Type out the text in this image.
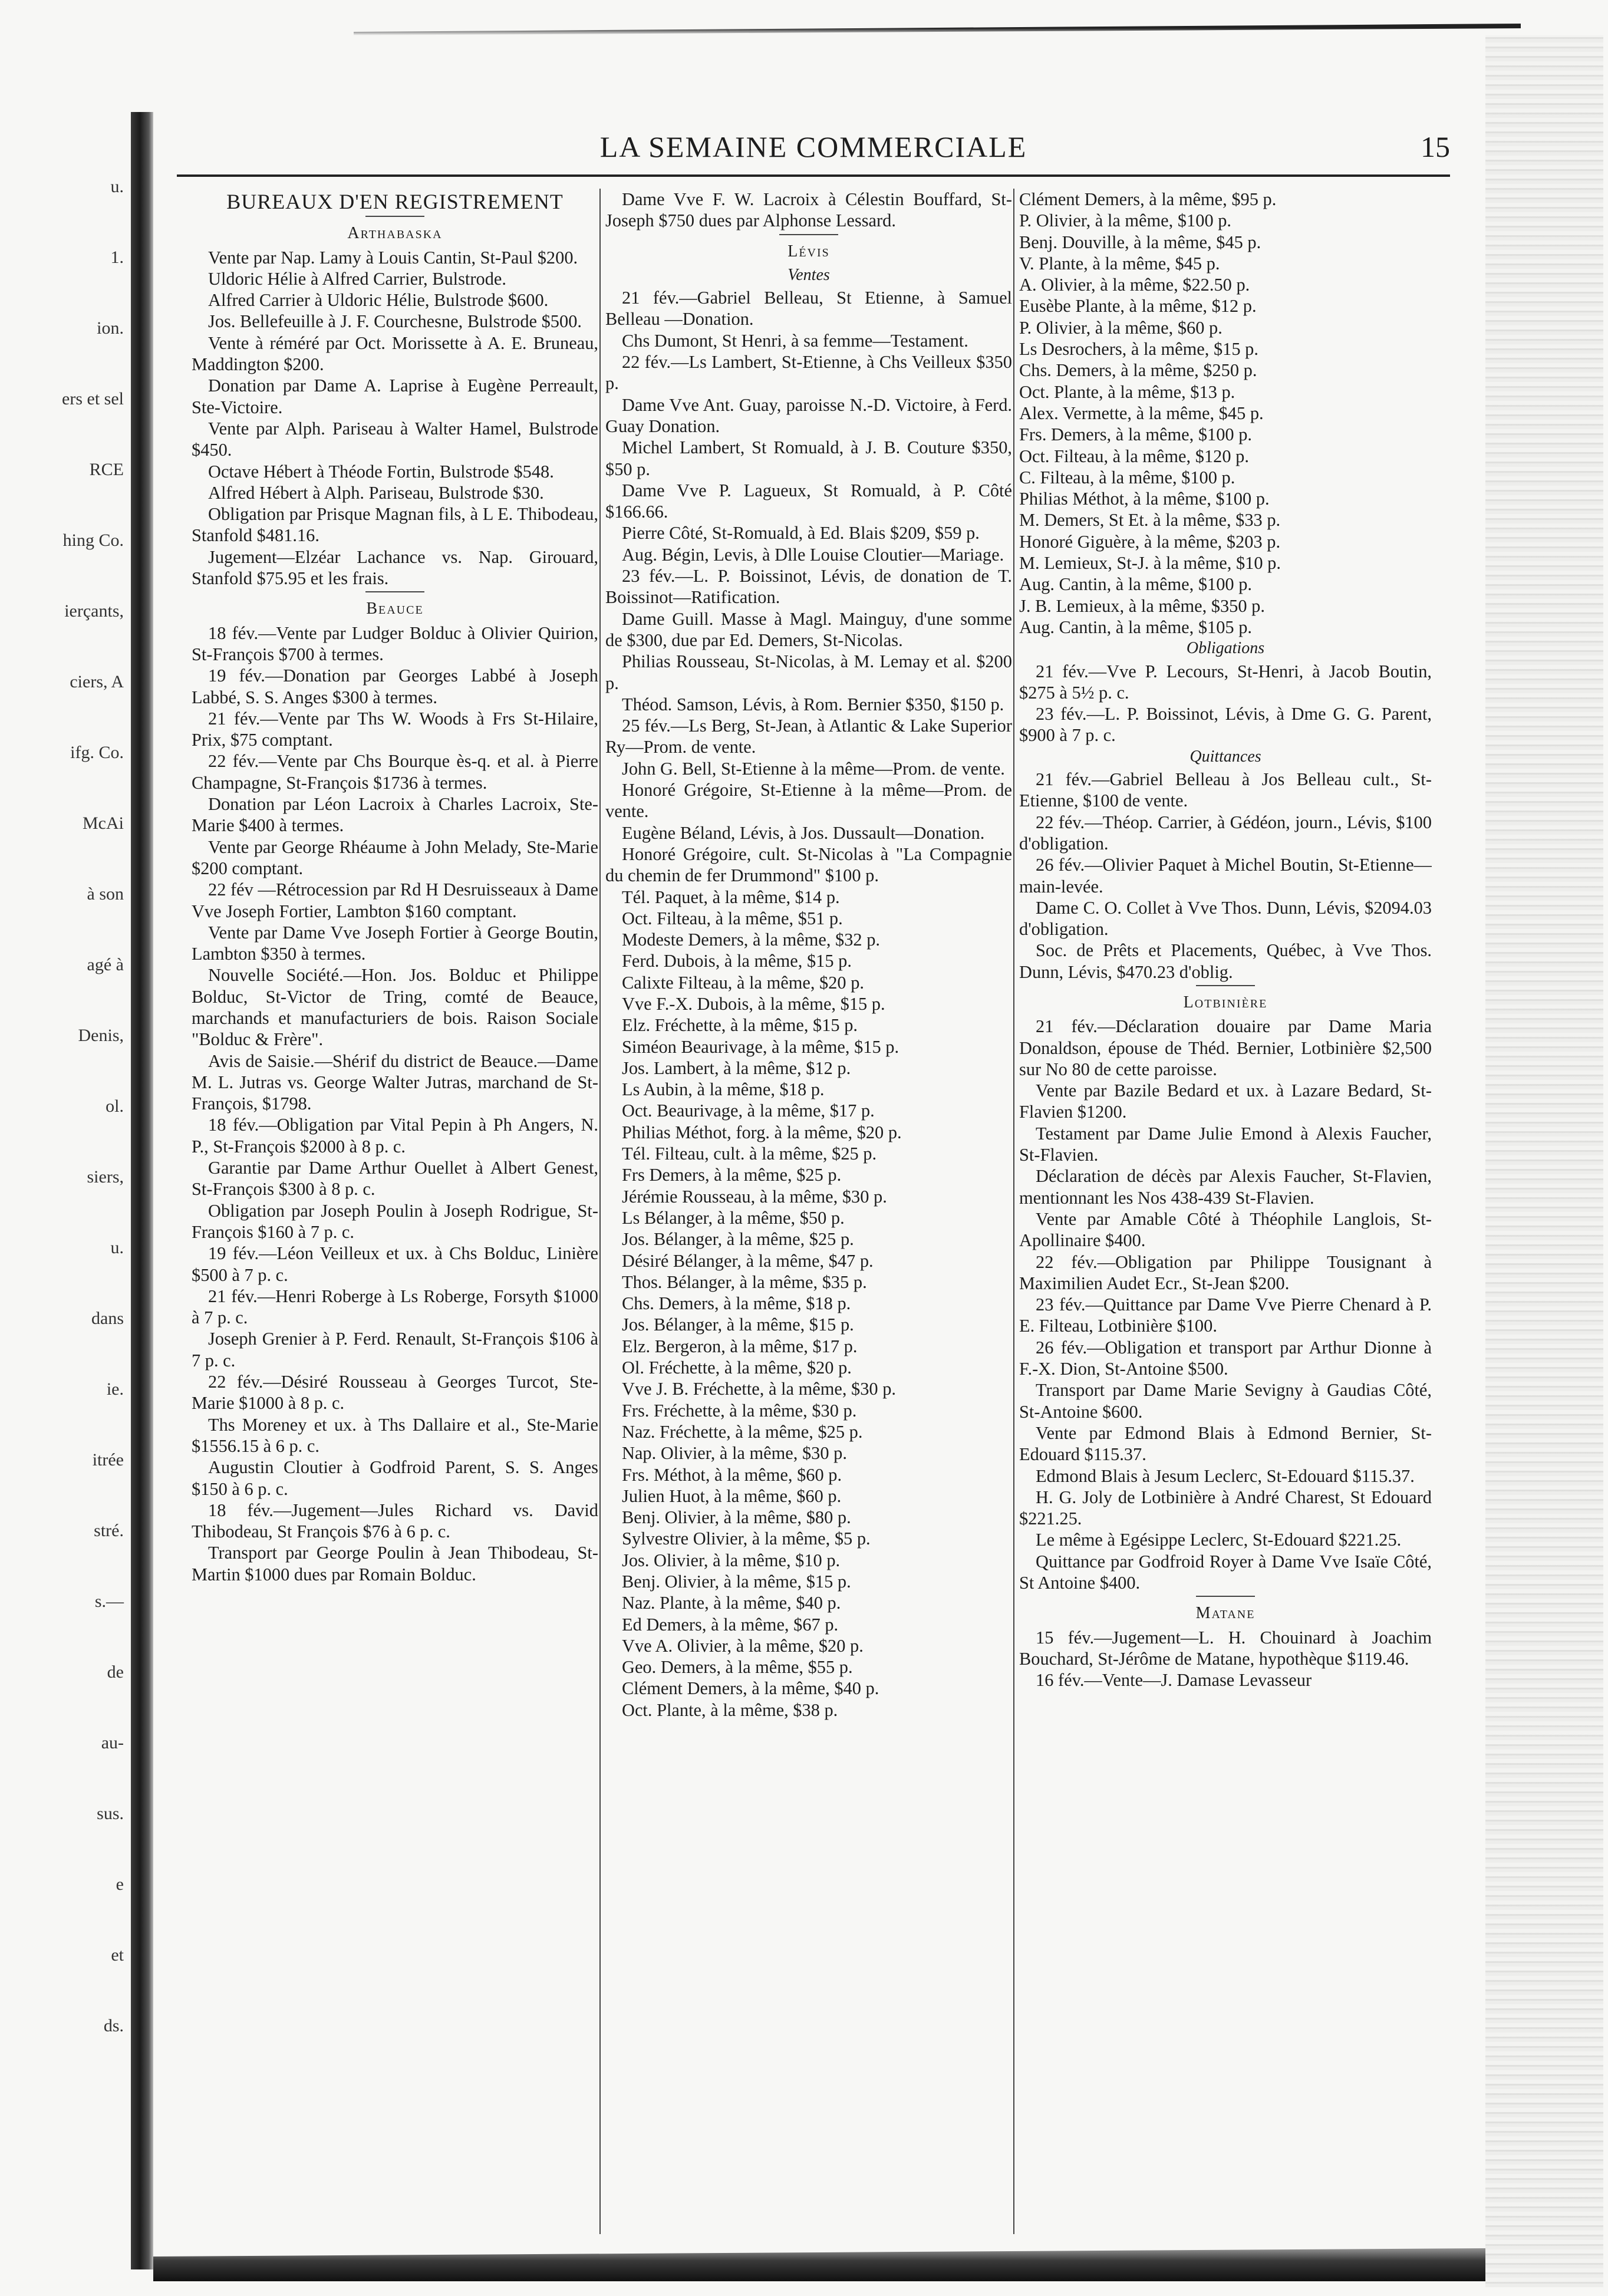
u.
1.
ion.
ers et sel
RCE
hing Co.
ierçants,
ciers, A
ifg. Co.
McAi
à son
agé à
Denis,
ol.
siers,
u.
dans
ie.
itrée
stré.
s.—
de
au-
sus.
e
et
ds.
LA SEMAINE COMMERCIALE	15
BUREAUX D'EN REGISTREMENT
Arthabaska

Vente par Nap. Lamy à Louis Cantin, St-Paul $200.

Uldoric Hélie à Alfred Carrier, Bulstrode.

Alfred Carrier à Uldoric Hélie, Bulstrode $600.

Jos. Bellefeuille à J. F. Courchesne, Bulstrode $500.

Vente à réméré par Oct. Morissette à A. E. Bruneau, Maddington $200.

Donation par Dame A. Laprise à Eugène Perreault, Ste-Victoire.

Vente par Alph. Pariseau à Walter Hamel, Bulstrode $450.

Octave Hébert à Théode Fortin, Bulstrode $548.

Alfred Hébert à Alph. Pariseau, Bulstrode $30.

Obligation par Prisque Magnan fils, à L E. Thibodeau, Stanfold $481.16.

Jugement—Elzéar Lachance vs. Nap. Girouard, Stanfold $75.95 et les frais.

Beauce

18 fév.—Vente par Ludger Bolduc à Olivier Quirion, St-François $700 à termes.

19 fév.—Donation par Georges Labbé à Joseph Labbé, S. S. Anges $300 à termes.

21 fév.—Vente par Ths W. Woods à Frs St-Hilaire, Prix, $75 comptant.

22 fév.—Vente par Chs Bourque ès-q. et al. à Pierre Champagne, St-François $1736 à termes.

Donation par Léon Lacroix à Charles Lacroix, Ste-Marie $400 à termes.

Vente par George Rhéaume à John Melady, Ste-Marie $200 comptant.

22 fév —Rétrocession par Rd H Desruisseaux à Dame Vve Joseph Fortier, Lambton $160 comptant.

Vente par Dame Vve Joseph Fortier à George Boutin, Lambton $350 à termes.

Nouvelle Société.—Hon. Jos. Bolduc et Philippe Bolduc, St-Victor de Tring, comté de Beauce, marchands et manufacturiers de bois. Raison Sociale "Bolduc & Frère".

Avis de Saisie.—Shérif du district de Beauce.—Dame M. L. Jutras vs. George Walter Jutras, marchand de St-François, $1798.

18 fév.—Obligation par Vital Pepin à Ph Angers, N. P., St-François $2000 à 8 p. c.

Garantie par Dame Arthur Ouellet à Albert Genest, St-François $300 à 8 p. c.

Obligation par Joseph Poulin à Joseph Rodrigue, St-François $160 à 7 p. c.

19 fév.—Léon Veilleux et ux. à Chs Bolduc, Linière $500 à 7 p. c.

21 fév.—Henri Roberge à Ls Roberge, Forsyth $1000 à 7 p. c.

Joseph Grenier à P. Ferd. Renault, St-François $106 à 7 p. c.

22 fév.—Désiré Rousseau à Georges Turcot, Ste-Marie $1000 à 8 p. c.

Ths Moreney et ux. à Ths Dallaire et al., Ste-Marie $1556.15 à 6 p. c.

Augustin Cloutier à Godfroid Parent, S. S. Anges $150 à 6 p. c.

18 fév.—Jugement—Jules Richard vs. David Thibodeau, St François $76 à 6 p. c.

Transport par George Poulin à Jean Thibodeau, St-Martin $1000 dues par Romain Bolduc.

Dame Vve F. W. Lacroix à Célestin Bouffard, St-Joseph $750 dues par Alphonse Lessard.

Lévis
Ventes

21 fév.—Gabriel Belleau, St Etienne, à Samuel Belleau —Donation.

Chs Dumont, St Henri, à sa femme—Testament.

22 fév.—Ls Lambert, St-Etienne, à Chs Veilleux $350 p.

Dame Vve Ant. Guay, paroisse N.-D. Victoire, à Ferd. Guay Donation.

Michel Lambert, St Romuald, à J. B. Couture $350, $50 p.

Dame Vve P. Lagueux, St Romuald, à P. Côté $166.66.

Pierre Côté, St-Romuald, à Ed. Blais $209, $59 p.

Aug. Bégin, Levis, à Dlle Louise Cloutier—Mariage.

23 fév.—L. P. Boissinot, Lévis, de donation de T. Boissinot—Ratification.

Dame Guill. Masse à Magl. Mainguy, d'une somme de $300, due par Ed. Demers, St-Nicolas.

Philias Rousseau, St-Nicolas, à M. Lemay et al. $200 p.

Théod. Samson, Lévis, à Rom. Bernier $350, $150 p.

25 fév.—Ls Berg, St-Jean, à Atlantic & Lake Superior Ry—Prom. de vente.

John G. Bell, St-Etienne à la même—Prom. de vente.

Honoré Grégoire, St-Etienne à la même—Prom. de vente.

Eugène Béland, Lévis, à Jos. Dussault—Donation.

Honoré Grégoire, cult. St-Nicolas à "La Compagnie du chemin de fer Drummond" $100 p.

Tél. Paquet, à la même, $14 p.

Oct. Filteau, à la même, $51 p.

Modeste Demers, à la même, $32 p.

Ferd. Dubois, à la même, $15 p.

Calixte Filteau, à la même, $20 p.

Vve F.-X. Dubois, à la même, $15 p.

Elz. Fréchette, à la même, $15 p.

Siméon Beaurivage, à la même, $15 p.

Jos. Lambert, à la même, $12 p.

Ls Aubin, à la même, $18 p.

Oct. Beaurivage, à la même, $17 p.

Philias Méthot, forg. à la même, $20 p.

Tél. Filteau, cult. à la même, $25 p.

Frs Demers, à la même, $25 p.

Jérémie Rousseau, à la même, $30 p.

Ls Bélanger, à la même, $50 p.

Jos. Bélanger, à la même, $25 p.

Désiré Bélanger, à la même, $47 p.

Thos. Bélanger, à la même, $35 p.

Chs. Demers, à la même, $18 p.

Jos. Bélanger, à la même, $15 p.

Elz. Bergeron, à la même, $17 p.

Ol. Fréchette, à la même, $20 p.

Vve J. B. Fréchette, à la même, $30 p.

Frs. Fréchette, à la même, $30 p.

Naz. Fréchette, à la même, $25 p.

Nap. Olivier, à la même, $30 p.

Frs. Méthot, à la même, $60 p.

Julien Huot, à la même, $60 p.

Benj. Olivier, à la même, $80 p.

Sylvestre Olivier, à la même, $5 p.

Jos. Olivier, à la même, $10 p.

Benj. Olivier, à la même, $15 p.

Naz. Plante, à la même, $40 p.

Ed Demers, à la même, $67 p.

Vve A. Olivier, à la même, $20 p.

Geo. Demers, à la même, $55 p.

Clément Demers, à la même, $40 p.

Oct. Plante, à la même, $38 p.

Clément Demers, à la même, $95 p.

P. Olivier, à la même, $100 p.

Benj. Douville, à la même, $45 p.

V. Plante, à la même, $45 p.

A. Olivier, à la même, $22.50 p.

Eusèbe Plante, à la même, $12 p.

P. Olivier, à la même, $60 p.

Ls Desrochers, à la même, $15 p.

Chs. Demers, à la même, $250 p.

Oct. Plante, à la même, $13 p.

Alex. Vermette, à la même, $45 p.

Frs. Demers, à la même, $100 p.

Oct. Filteau, à la même, $120 p.

C. Filteau, à la même, $100 p.

Philias Méthot, à la même, $100 p.

M. Demers, St Et. à la même, $33 p.

Honoré Giguère, à la même, $203 p.

M. Lemieux, St-J. à la même, $10 p.

Aug. Cantin, à la même, $100 p.

J. B. Lemieux, à la même, $350 p.

Aug. Cantin, à la même, $105 p.

Obligations

21 fév.—Vve P. Lecours, St-Henri, à Jacob Boutin, $275 à 5½ p. c.

23 fév.—L. P. Boissinot, Lévis, à Dme G. G. Parent, $900 à 7 p. c.

Quittances

21 fév.—Gabriel Belleau à Jos Belleau cult., St-Etienne, $100 de vente.

22 fév.—Théop. Carrier, à Gédéon, journ., Lévis, $100 d'obligation.

26 fév.—Olivier Paquet à Michel Boutin, St-Etienne—main-levée.

Dame C. O. Collet à Vve Thos. Dunn, Lévis, $2094.03 d'obligation.

Soc. de Prêts et Placements, Québec, à Vve Thos. Dunn, Lévis, $470.23 d'oblig.

Lotbinière

21 fév.—Déclaration douaire par Dame Maria Donaldson, épouse de Théd. Bernier, Lotbinière $2,500 sur No 80 de cette paroisse.

Vente par Bazile Bedard et ux. à Lazare Bedard, St-Flavien $1200.

Testament par Dame Julie Emond à Alexis Faucher, St-Flavien.

Déclaration de décès par Alexis Faucher, St-Flavien, mentionnant les Nos 438-439 St-Flavien.

Vente par Amable Côté à Théophile Langlois, St-Apollinaire $400.

22 fév.—Obligation par Philippe Tousignant à Maximilien Audet Ecr., St-Jean $200.

23 fév.—Quittance par Dame Vve Pierre Chenard à P. E. Filteau, Lotbinière $100.

26 fév.—Obligation et transport par Arthur Dionne à F.-X. Dion, St-Antoine $500.

Transport par Dame Marie Sevigny à Gaudias Côté, St-Antoine $600.

Vente par Edmond Blais à Edmond Bernier, St-Edouard $115.37.

Edmond Blais à Jesum Leclerc, St-Edouard $115.37.

H. G. Joly de Lotbinière à André Charest, St Edouard $221.25.

Le même à Egésippe Leclerc, St-Edouard $221.25.

Quittance par Godfroid Royer à Dame Vve Isaïe Côté, St Antoine $400.

Matane

15 fév.—Jugement—L. H. Chouinard à Joachim Bouchard, St-Jérôme de Matane, hypothèque $119.46.

16 fév.—Vente—J. Damase Levasseur
